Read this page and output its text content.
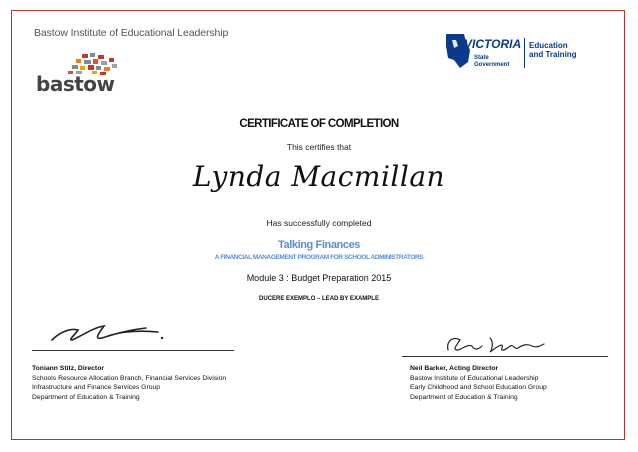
Bastow Institute of Educational Leadership
bastow
VICTORIA
State
Government
Education
and Training
CERTIFICATE OF COMPLETION
This certifies that
Lynda Macmillan
Has successfully completed
Talking Finances
A FINANCIAL MANAGEMENT PROGRAM FOR SCHOOL ADMINISTRATORS
Module 3 : Budget Preparation 2015
DUCERE EXEMPLO – LEAD BY EXAMPLE
Toniann Stitz, Director
Schools Resource Allocation Branch, Financial Services Division
Infrastructure and Finance Services Group
Department of Education & Training
Neil Barker, Acting Director
Bastow Institute of Educational Leadership
Early Childhood and School Education Group
Department of Education & Training
